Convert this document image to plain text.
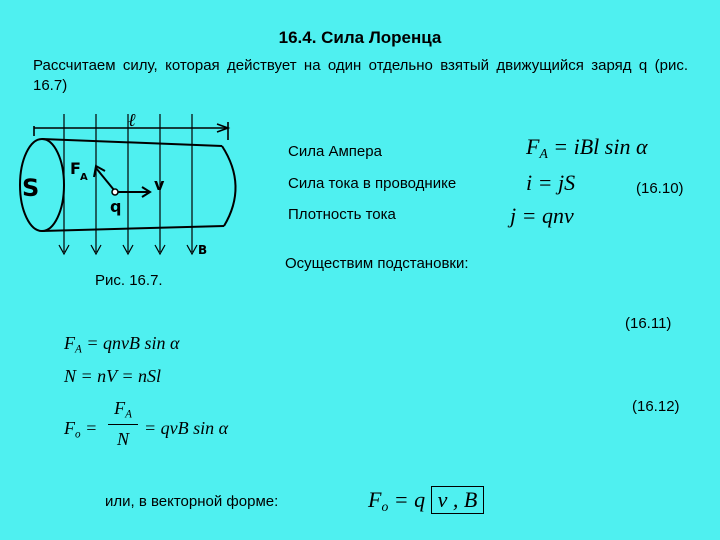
16.4. Сила Лоренца
Рассчитаем силу, которая действует на один отдельно взятый движущийся заряд q (рис. 16.7)
ℓ
S
F A	v
q
B
Рис. 16.7.
Сила Ампера
Сила тока в проводнике
Плотность тока
$F_A$ = iBl sin α
i = jS
j = qnv
(16.10)
Осуществим подстановки:
(16.11)
$F_A$ = qnvB sin α
N = nV = nSl
$F_o$ =
$F_A$
N
= qvB sin α
(16.12)
или, в векторной форме:	$F_o = q$ v , B
